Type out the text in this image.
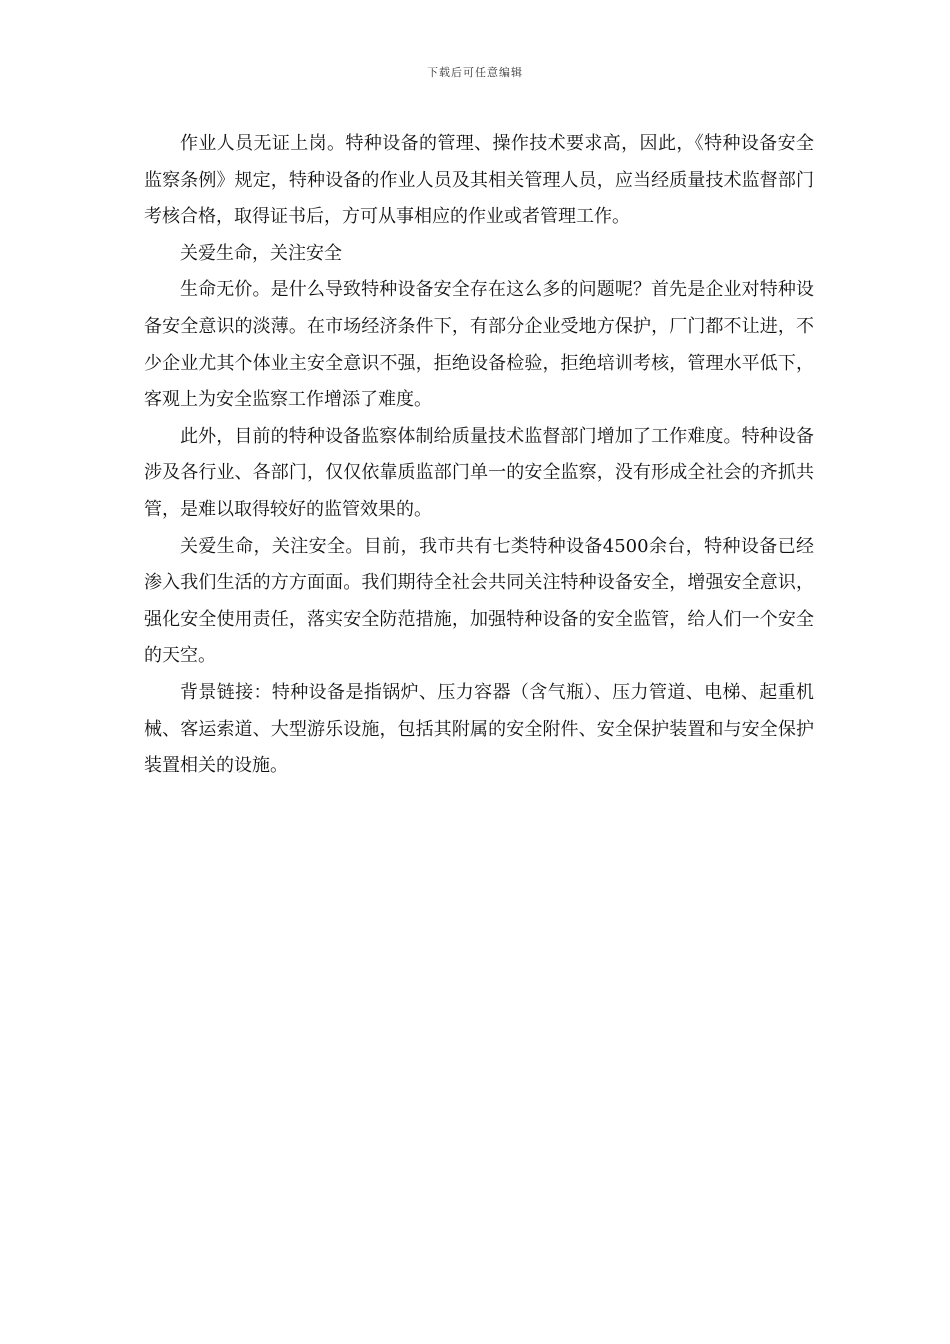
下载后可任意编辑

作业人员无证上岗。特种设备的管理、操作技术要求高，因此，《特种设备安全监察条例》规定，特种设备的作业人员及其相关管理人员，应当经质量技术监督部门考核合格，取得证书后，方可从事相应的作业或者管理工作。

关爱生命，关注安全

生命无价。是什么导致特种设备安全存在这么多的问题呢？首先是企业对特种设备安全意识的淡薄。在市场经济条件下，有部分企业受地方保护，厂门都不让进，不少企业尤其个体业主安全意识不强，拒绝设备检验，拒绝培训考核，管理水平低下，客观上为安全监察工作增添了难度。

此外，目前的特种设备监察体制给质量技术监督部门增加了工作难度。特种设备涉及各行业、各部门，仅仅依靠质监部门单一的安全监察，没有形成全社会的齐抓共管，是难以取得较好的监管效果的。

关爱生命，关注安全。目前，我市共有七类特种设备4500余台，特种设备已经渗入我们生活的方方面面。我们期待全社会共同关注特种设备安全，增强安全意识，强化安全使用责任，落实安全防范措施，加强特种设备的安全监管，给人们一个安全的天空。

背景链接：特种设备是指锅炉、压力容器（含气瓶）、压力管道、电梯、起重机械、客运索道、大型游乐设施，包括其附属的安全附件、安全保护装置和与安全保护装置相关的设施。
